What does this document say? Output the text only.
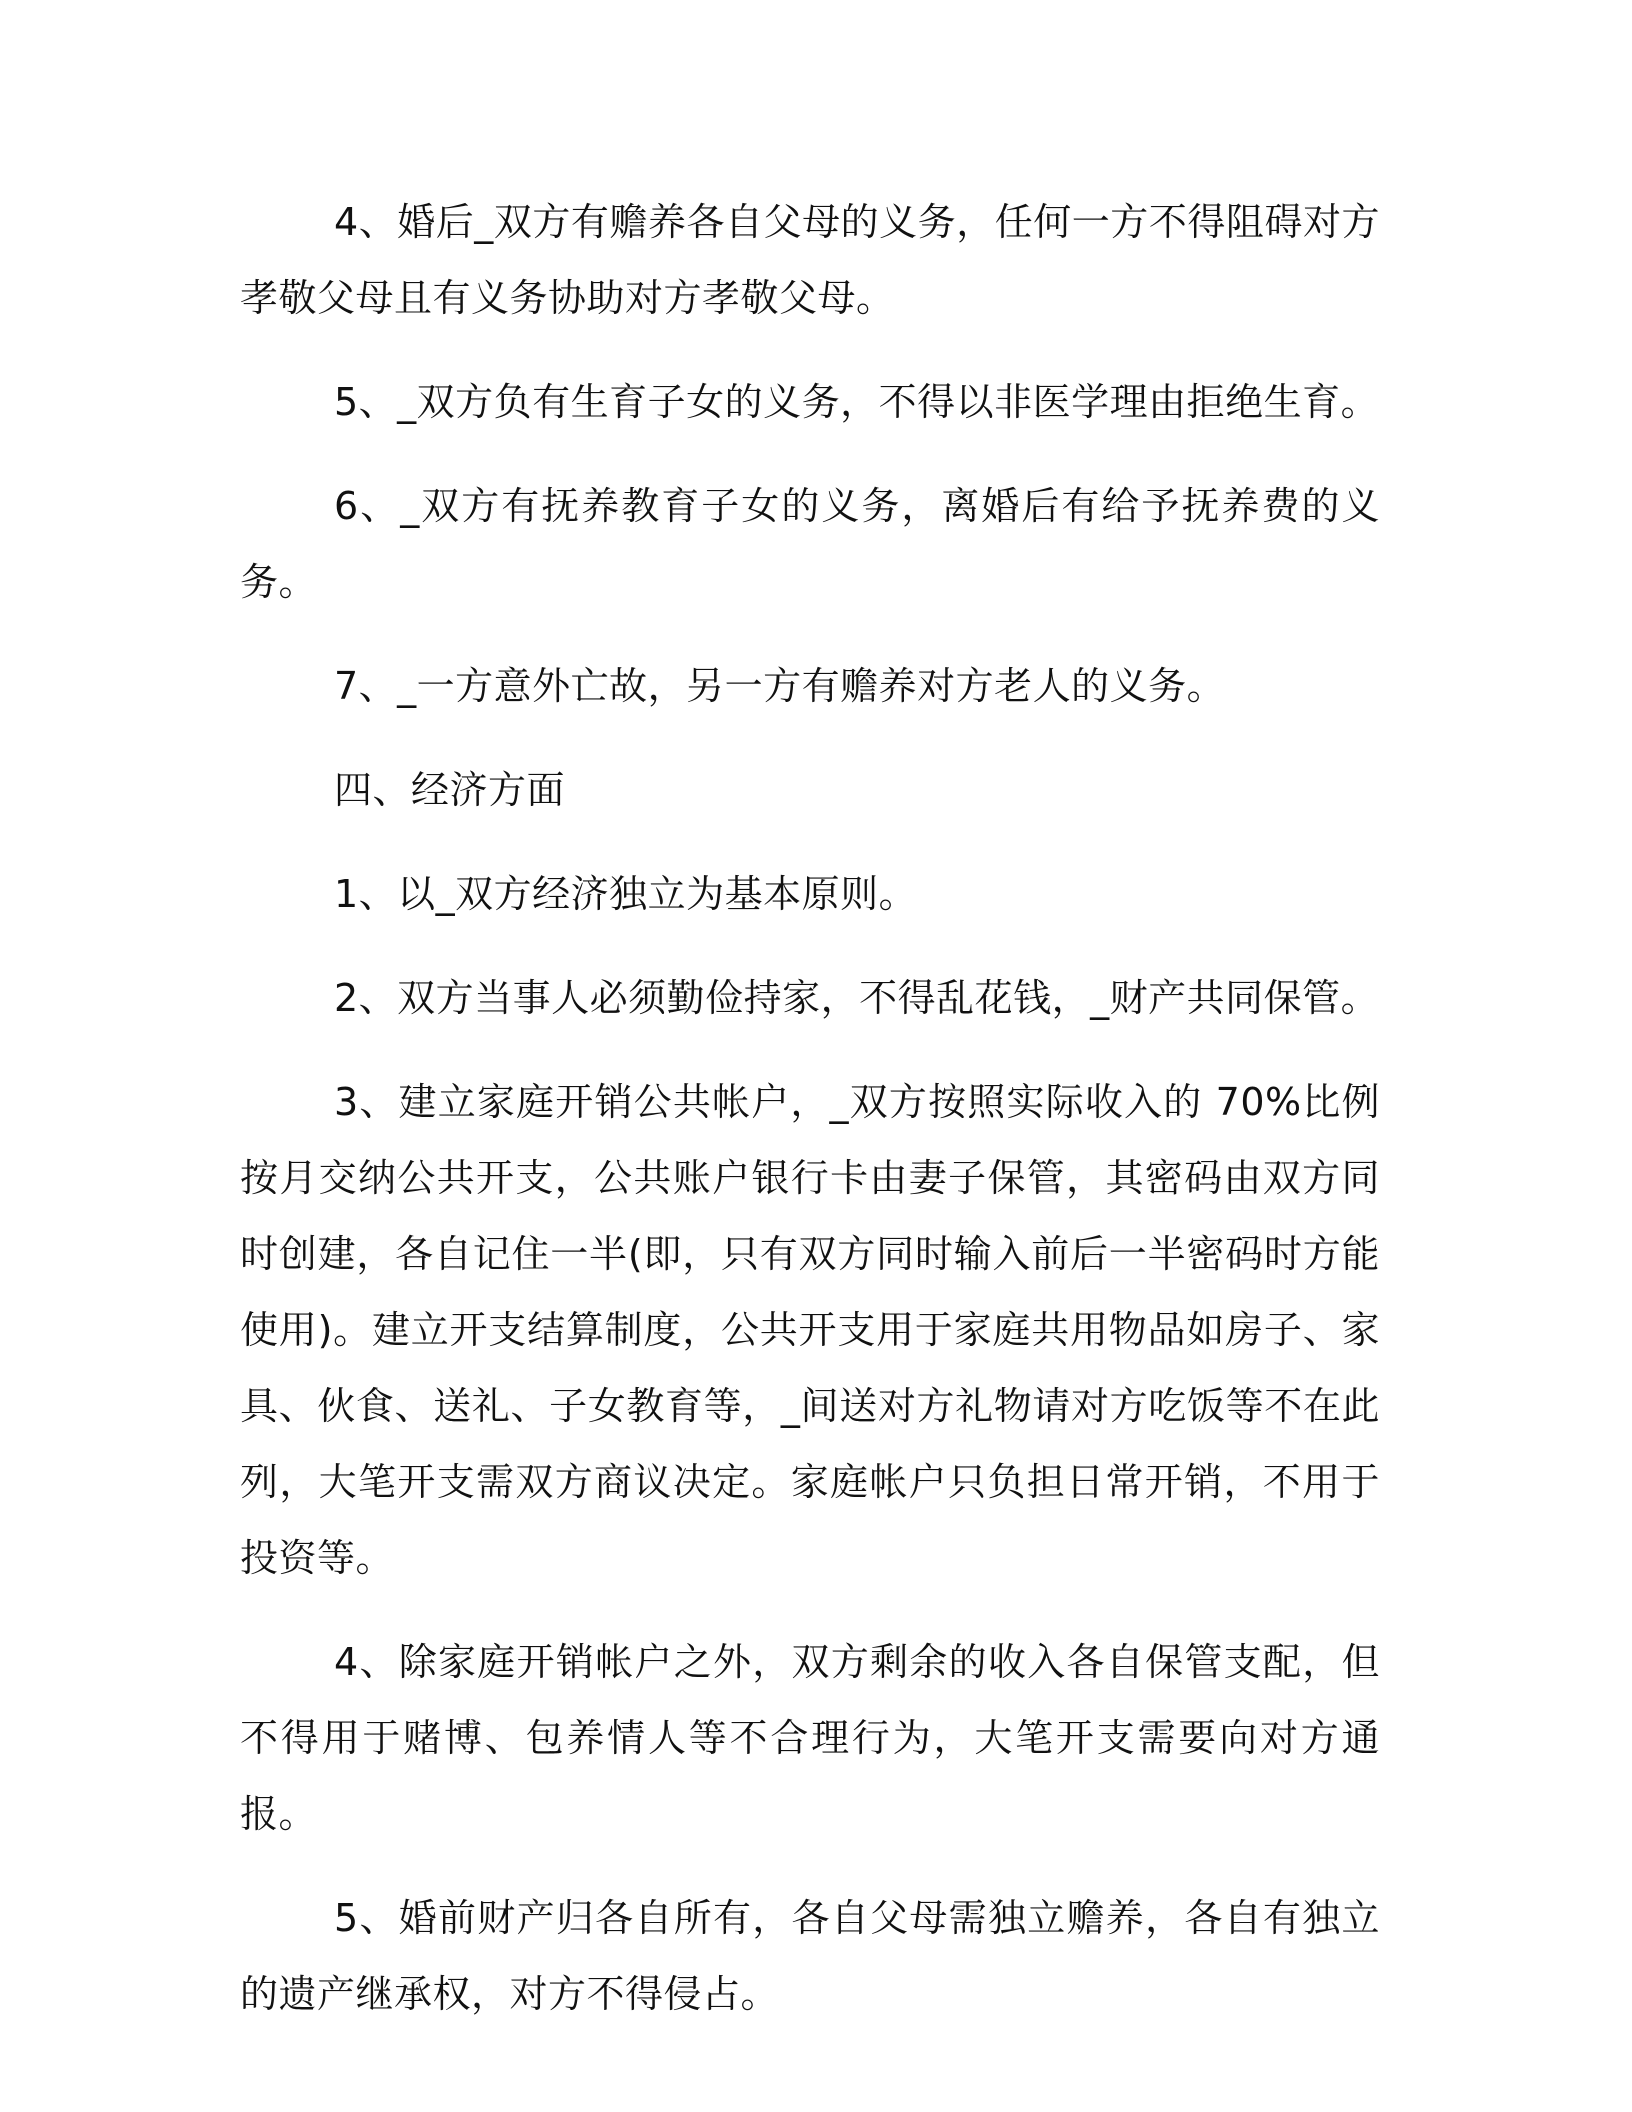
4、婚后_双方有赡养各自父母的义务，任何一方不得阻碍对方孝敬父母且有义务协助对方孝敬父母。

5、_双方负有生育子女的义务，不得以非医学理由拒绝生育。

6、_双方有抚养教育子女的义务，离婚后有给予抚养费的义务。

7、_一方意外亡故，另一方有赡养对方老人的义务。

四、经济方面

1、以_双方经济独立为基本原则。

2、双方当事人必须勤俭持家，不得乱花钱，_财产共同保管。

3、建立家庭开销公共帐户，_双方按照实际收入的 70%比例按月交纳公共开支，公共账户银行卡由妻子保管，其密码由双方同时创建，各自记住一半(即，只有双方同时输入前后一半密码时方能使用)。建立开支结算制度，公共开支用于家庭共用物品如房子、家具、伙食、送礼、子女教育等，_间送对方礼物请对方吃饭等不在此列，大笔开支需双方商议决定。家庭帐户只负担日常开销，不用于投资等。

4、除家庭开销帐户之外，双方剩余的收入各自保管支配，但不得用于赌博、包养情人等不合理行为，大笔开支需要向对方通报。

5、婚前财产归各自所有，各自父母需独立赡养，各自有独立的遗产继承权，对方不得侵占。
